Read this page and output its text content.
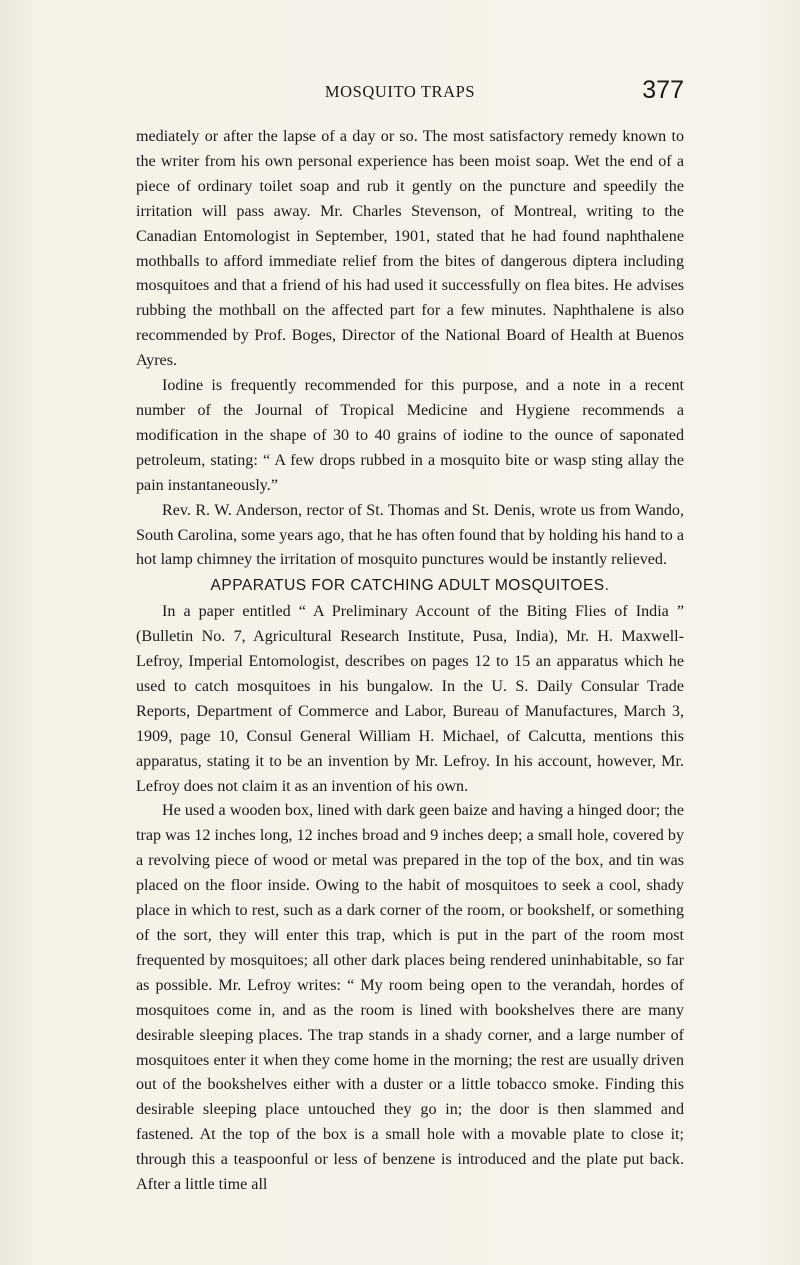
MOSQUITO TRAPS	377

mediately or after the lapse of a day or so. The most satisfactory remedy known to the writer from his own personal experience has been moist soap. Wet the end of a piece of ordinary toilet soap and rub it gently on the puncture and speedily the irritation will pass away. Mr. Charles Stevenson, of Montreal, writing to the Canadian Entomologist in September, 1901, stated that he had found naphthalene mothballs to afford immediate relief from the bites of dangerous diptera including mosquitoes and that a friend of his had used it successfully on flea bites. He advises rubbing the mothball on the affected part for a few minutes. Naphthalene is also recommended by Prof. Boges, Director of the National Board of Health at Buenos Ayres.

Iodine is frequently recommended for this purpose, and a note in a recent number of the Journal of Tropical Medicine and Hygiene recommends a modification in the shape of 30 to 40 grains of iodine to the ounce of saponated petroleum, stating: “ A few drops rubbed in a mosquito bite or wasp sting allay the pain instantaneously.”

Rev. R. W. Anderson, rector of St. Thomas and St. Denis, wrote us from Wando, South Carolina, some years ago, that he has often found that by holding his hand to a hot lamp chimney the irritation of mosquito punctures would be instantly relieved.

APPARATUS FOR CATCHING ADULT MOSQUITOES.

In a paper entitled “ A Preliminary Account of the Biting Flies of India ” (Bulletin No. 7, Agricultural Research Institute, Pusa, India), Mr. H. Maxwell-Lefroy, Imperial Entomologist, describes on pages 12 to 15 an apparatus which he used to catch mosquitoes in his bungalow. In the U. S. Daily Consular Trade Reports, Department of Commerce and Labor, Bureau of Manufactures, March 3, 1909, page 10, Consul General William H. Michael, of Calcutta, mentions this apparatus, stating it to be an invention by Mr. Lefroy. In his account, however, Mr. Lefroy does not claim it as an invention of his own.

He used a wooden box, lined with dark geen baize and having a hinged door; the trap was 12 inches long, 12 inches broad and 9 inches deep; a small hole, covered by a revolving piece of wood or metal was prepared in the top of the box, and tin was placed on the floor inside. Owing to the habit of mosquitoes to seek a cool, shady place in which to rest, such as a dark corner of the room, or bookshelf, or something of the sort, they will enter this trap, which is put in the part of the room most frequented by mosquitoes; all other dark places being rendered uninhabitable, so far as possible. Mr. Lefroy writes: “ My room being open to the verandah, hordes of mosquitoes come in, and as the room is lined with bookshelves there are many desirable sleeping places. The trap stands in a shady corner, and a large number of mosquitoes enter it when they come home in the morning; the rest are usually driven out of the bookshelves either with a duster or a little tobacco smoke. Finding this desirable sleeping place untouched they go in; the door is then slammed and fastened. At the top of the box is a small hole with a movable plate to close it; through this a teaspoonful or less of benzene is introduced and the plate put back. After a little time all
